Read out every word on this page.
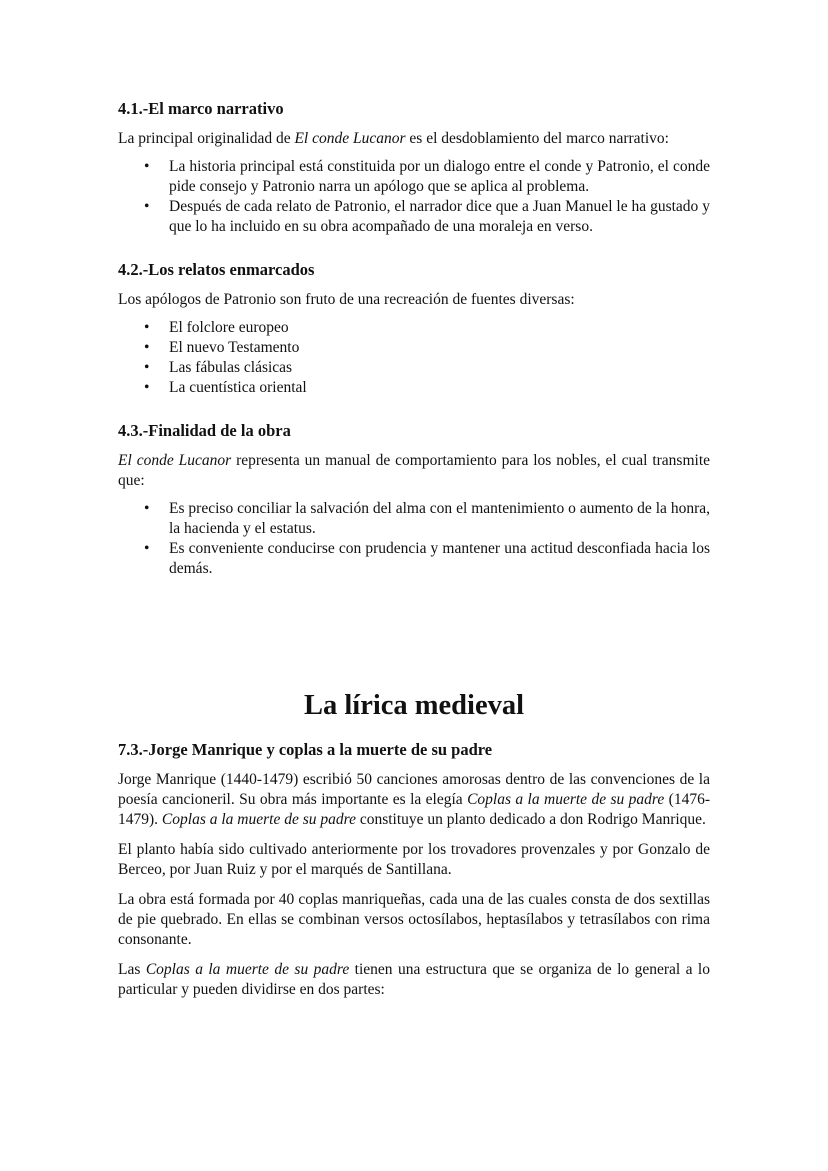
4.1.-El marco narrativo

La principal originalidad de El conde Lucanor es el desdoblamiento del marco narrativo:

• La historia principal está constituida por un dialogo entre el conde y Patronio, el conde pide consejo y Patronio narra un apólogo que se aplica al problema.
• Después de cada relato de Patronio, el narrador dice que a Juan Manuel le ha gustado y que lo ha incluido en su obra acompañado de una moraleja en verso.
4.2.-Los relatos enmarcados

Los apólogos de Patronio son fruto de una recreación de fuentes diversas:

• El folclore europeo
• El nuevo Testamento
• Las fábulas clásicas
• La cuentística oriental
4.3.-Finalidad de la obra

El conde Lucanor representa un manual de comportamiento para los nobles, el cual transmite que:

• Es preciso conciliar la salvación del alma con el mantenimiento o aumento de la honra, la hacienda y el estatus.
• Es conveniente conducirse con prudencia y mantener una actitud desconfiada hacia los demás.
La lírica medieval
7.3.-Jorge Manrique y coplas a la muerte de su padre

Jorge Manrique (1440-1479) escribió 50 canciones amorosas dentro de las convenciones de la poesía cancioneril. Su obra más importante es la elegía Coplas a la muerte de su padre (1476-1479). Coplas a la muerte de su padre constituye un planto dedicado a don Rodrigo Manrique.

El planto había sido cultivado anteriormente por los trovadores provenzales y por Gonzalo de Berceo, por Juan Ruiz y por el marqués de Santillana.

La obra está formada por 40 coplas manriqueñas, cada una de las cuales consta de dos sextillas de pie quebrado. En ellas se combinan versos octosílabos, heptasílabos y tetrasílabos con rima consonante.

Las Coplas a la muerte de su padre tienen una estructura que se organiza de lo general a lo particular y pueden dividirse en dos partes:
